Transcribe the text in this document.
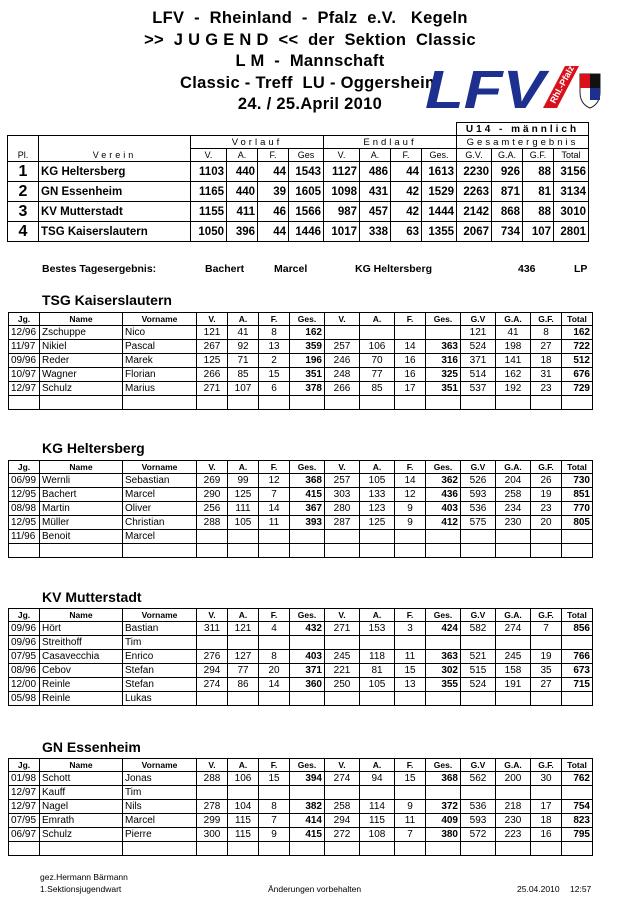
LFV  -  Rheinland  -  Pfalz  e.V.   Kegeln
>>  J U G E N D  <<  der  Sektion  Classic
L M  -  Mannschaft
Classic - Treff  LU - Oggersheim
24. / 25.April 2010 LFV
Rhl.-Pfalz
										U14 - männlich			
		Vorlauf				Endlauf				Gesamtergebnis			
Pl.	Verein	V.	A.	F.	Ges	V.	A.	F.	Ges.	G.V.	G.A.	G.F.	Total
1	KG Heltersberg	1103	440	44	1543	1127	486	44	1613	2230	926	88	3156
2	GN Essenheim	1165	440	39	1605	1098	431	42	1529	2263	871	81	3134
3	KV Mutterstadt	1155	411	46	1566	987	457	42	1444	2142	868	88	3010
4	TSG Kaiserslautern	1050	396	44	1446	1017	338	63	1355	2067	734	107	2801
Bestes Tagesergebnis:	Bachert	Marcel	KG Heltersberg	436	LP
TSG Kaiserslautern
Jg.	Name	Vorname	V.	A.	F.	Ges.	V.	A.	F.	Ges.	G.V	G.A.	G.F.	Total
12/96	Zschuppe	Nico	121	41	8	162					121	41	8	162
11/97	Nikiel	Pascal	267	92	13	359	257	106	14	363	524	198	27	722
09/96	Reder	Marek	125	71	2	196	246	70	16	316	371	141	18	512
10/97	Wagner	Florian	266	85	15	351	248	77	16	325	514	162	31	676
12/97	Schulz	Marius	271	107	6	378	266	85	17	351	537	192	23	729

KG Heltersberg
Jg.	Name	Vorname	V.	A.	F.	Ges.	V.	A.	F.	Ges.	G.V	G.A.	G.F.	Total
06/99	Wernli	Sebastian	269	99	12	368	257	105	14	362	526	204	26	730
12/95	Bachert	Marcel	290	125	7	415	303	133	12	436	593	258	19	851
08/98	Martin	Oliver	256	111	14	367	280	123	9	403	536	234	23	770
12/95	Müller	Christian	288	105	11	393	287	125	9	412	575	230	20	805
11/96	Benoit	Marcel												

KV Mutterstadt
Jg.	Name	Vorname	V.	A.	F.	Ges.	V.	A.	F.	Ges.	G.V	G.A.	G.F.	Total
09/96	Hört	Bastian	311	121	4	432	271	153	3	424	582	274	7	856
09/96	Streithoff	Tim												
07/95	Casavecchia	Enrico	276	127	8	403	245	118	11	363	521	245	19	766
08/96	Cebov	Stefan	294	77	20	371	221	81	15	302	515	158	35	673
12/00	Reinle	Stefan	274	86	14	360	250	105	13	355	524	191	27	715
05/98	Reinle	Lukas												
GN Essenheim
Jg.	Name	Vorname	V.	A.	F.	Ges.	V.	A.	F.	Ges.	G.V	G.A.	G.F.	Total
01/98	Schott	Jonas	288	106	15	394	274	94	15	368	562	200	30	762
12/97	Kauff	Tim												
12/97	Nagel	Nils	278	104	8	382	258	114	9	372	536	218	17	754
07/95	Emrath	Marcel	299	115	7	414	294	115	11	409	593	230	18	823
06/97	Schulz	Pierre	300	115	9	415	272	108	7	380	572	223	16	795

gez.Hermann Bärmann
1.Sektionsjugendwart	Änderungen vorbehalten	25.04.2010 12:57
